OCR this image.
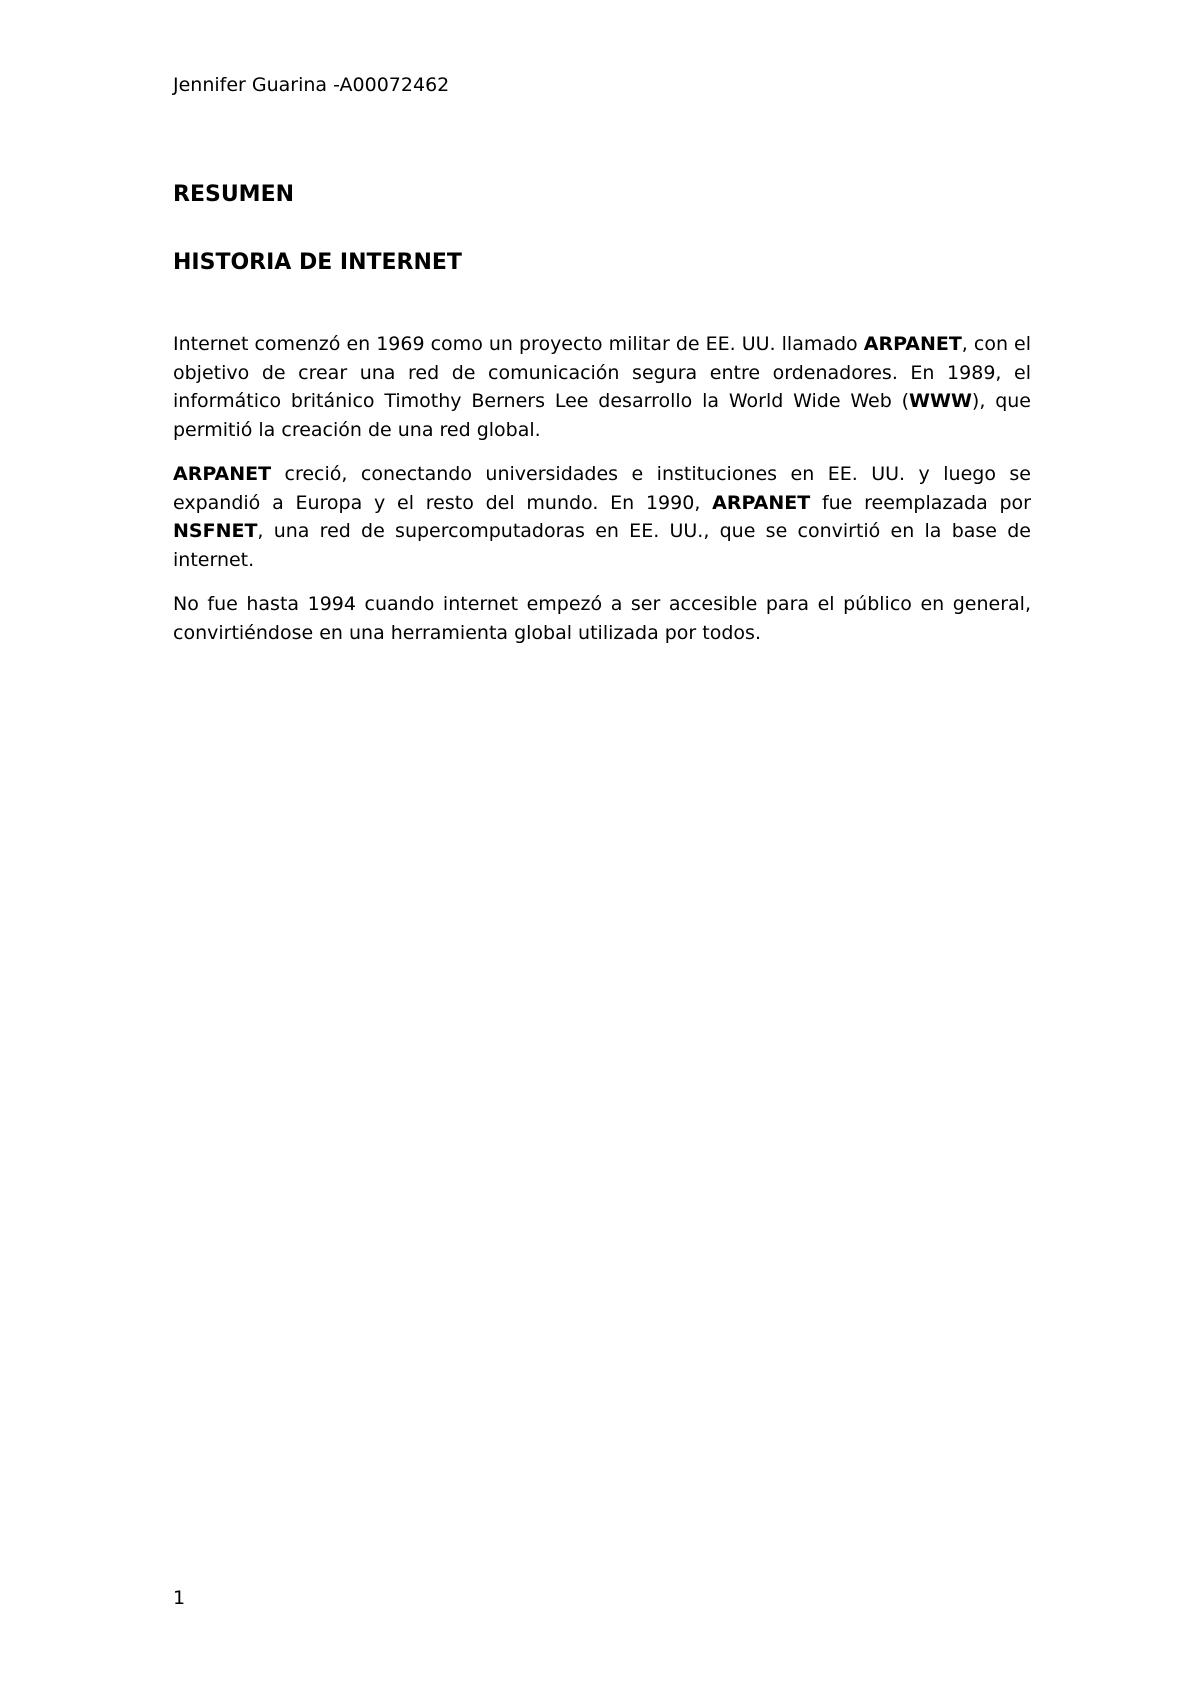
Jennifer Guarina -A00072462
RESUMEN
HISTORIA DE INTERNET

Internet comenzó en 1969 como un proyecto militar de EE. UU. llamado ARPANET, con el objetivo de crear una red de comunicación segura entre ordenadores. En 1989, el informático británico Timothy Berners Lee desarrollo la World Wide Web (WWW), que permitió la creación de una red global.

ARPANET creció, conectando universidades e instituciones en EE. UU. y luego se expandió a Europa y el resto del mundo. En 1990, ARPANET fue reemplazada por NSFNET, una red de supercomputadoras en EE. UU., que se convirtió en la base de internet.

No fue hasta 1994 cuando internet empezó a ser accesible para el público en general, convirtiéndose en una herramienta global utilizada por todos.

1
